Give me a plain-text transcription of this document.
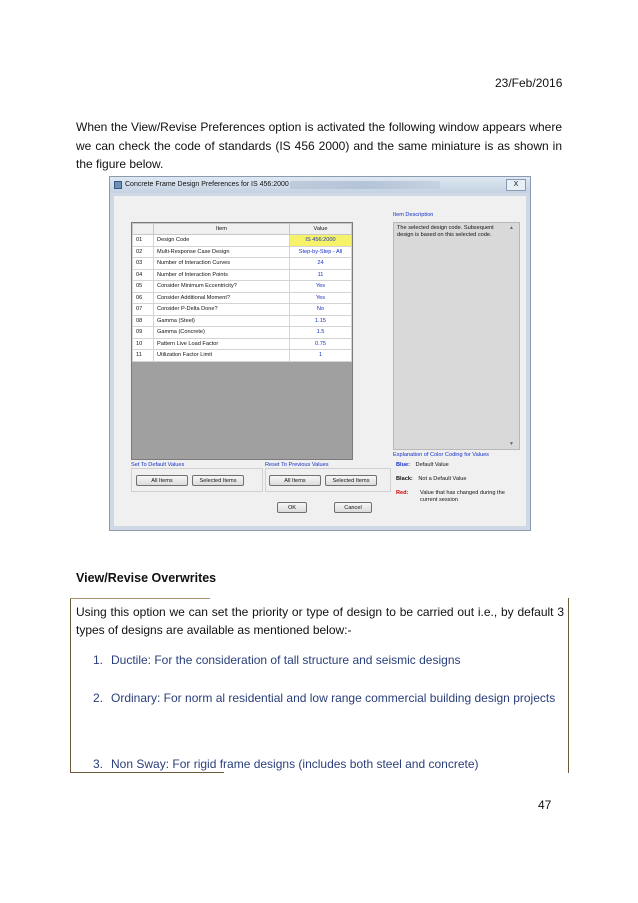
23/Feb/2016
When the View/Revise Preferences option is activated the following window appears where we can check the code of standards (IS 456 2000) and the same miniature is as shown in the figure below.
Concrete Frame Design Preferences for IS 456:2000	X
	Item	Value
01	Design Code	IS 456:2000
02	Multi-Response Case Design	Step-by-Step - All
03	Number of Interaction Curves	24
04	Number of Interaction Points	11
05	Consider Minimum Eccentricity?	Yes
06	Consider Additional Moment?	Yes
07	Consider P-Delta Done?	No
08	Gamma (Steel)	1.15
09	Gamma (Concrete)	1.5
10	Pattern Live Load Factor	0.75
11	Utilization Factor Limit	1
Item Description
The selected design code. Subsequent design is based on this selected code.
▲
▼
Explanation of Color Coding for Values
Blue: Default Value
Black: Not a Default Value
Red:	Value that has changed during the current session
Set To Default Values
All Items	Selected Items
Reset To Previous Values
All Items	Selected Items
OK	Cancel
View/Revise Overwrites
Using this option we can set the priority or type of design to be carried out i.e., by default 3 types of designs are available as mentioned below:-
1. Ductile: For the consideration of tall structure and seismic designs
2. Ordinary: For norm al residential and low range commercial building design projects
3. Non Sway: For rigid frame designs (includes both steel and concrete)
47
